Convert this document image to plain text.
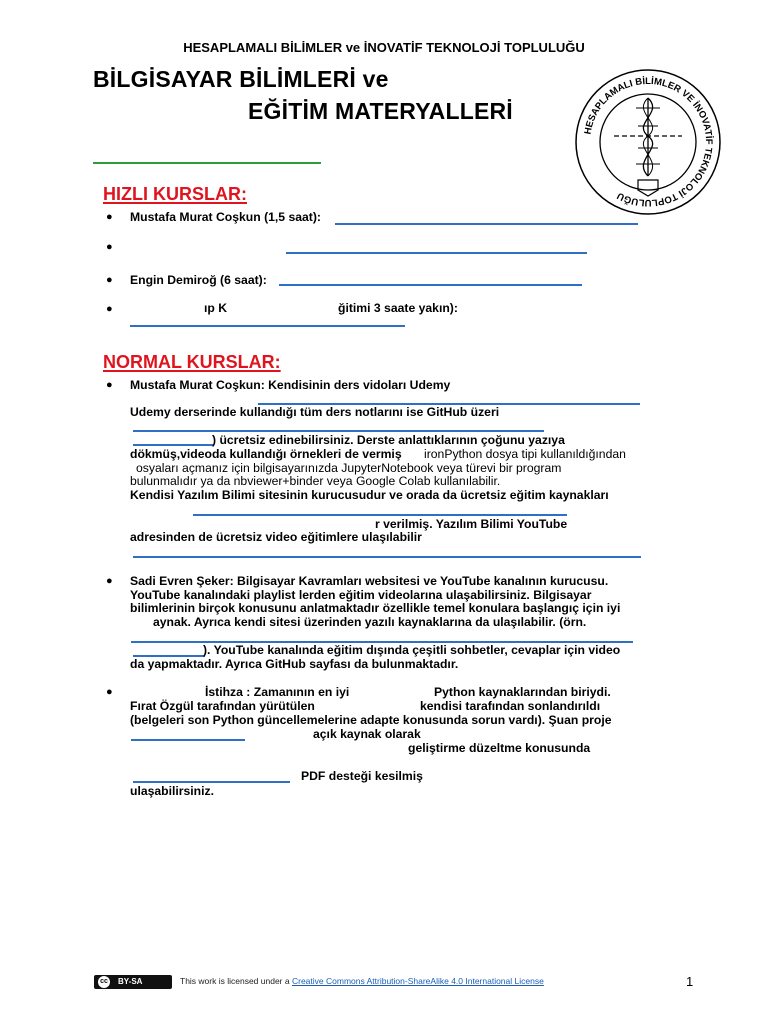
HESAPLAMALI BİLİMLER ve İNOVATİF TEKNOLOJİ TOPLULUĞU
BİLGİSAYAR BİLİMLERİ ve
EĞİTİM MATERYALLERİ
HESAPLAMALI BİLİMLER VE İNOVATİF TEKNOLOJİ TOPLULUĞU
HIZLI KURSLAR:
● Mustafa Murat Coşkun (1,5 saat):
●
● Engin Demiroğ (6 saat):
●	ıp K	ğitimi 3 saate yakın):
NORMAL KURSLAR:
● Mustafa Murat Coşkun: Kendisinin ders vidoları Udemy
Udemy derserinde kullandığı tüm ders notlarını ise GitHub üzeri
) ücretsiz edinebilirsiniz. Derste anlattıklarının çoğunu yazıya
dökmüş,videoda kullandığı örnekleri de vermiş ironPython dosya tipi kullanıldığından
osyaları açmanız için bilgisayarınızda JupyterNotebook veya türevi bir program
bulunmalıdır ya da nbviewer+binder veya Google Colab kullanılabilir.
Kendisi Yazılım Bilimi sitesinin kurucusudur ve orada da ücretsiz eğitim kaynakları
r verilmiş. Yazılım Bilimi YouTube
adresinden de ücretsiz video eğitimlere ulaşılabilir
● Sadi Evren Şeker: Bilgisayar Kavramları websitesi ve YouTube kanalının kurucusu.
YouTube kanalındaki playlist lerden eğitim videolarına ulaşabilirsiniz. Bilgisayar
bilimlerinin birçok konusunu anlatmaktadır özellikle temel konulara başlangıç için iyi
aynak. Ayrıca kendi sitesi üzerinden yazılı kaynaklarına da ulaşılabilir. (örn.
). YouTube kanalında eğitim dışında çeşitli sohbetler, cevaplar için video
da yapmaktadır. Ayrıca GitHub sayfası da bulunmaktadır.
●	İstihza : Zamanının en iyi	Python kaynaklarından biriydi.
Fırat Özgül tarafından yürütülen	kendisi tarafından sonlandırıldı
(belgeleri son Python güncellemelerine adapte konusunda sorun vardı). Şuan proje
açık kaynak olarak
geliştirme düzeltme konusunda
PDF desteği kesilmiş
ulaşabilirsiniz.
cc BY-SA	This work is licensed under a Creative Commons Attribution-ShareAlike 4.0 International License	1
